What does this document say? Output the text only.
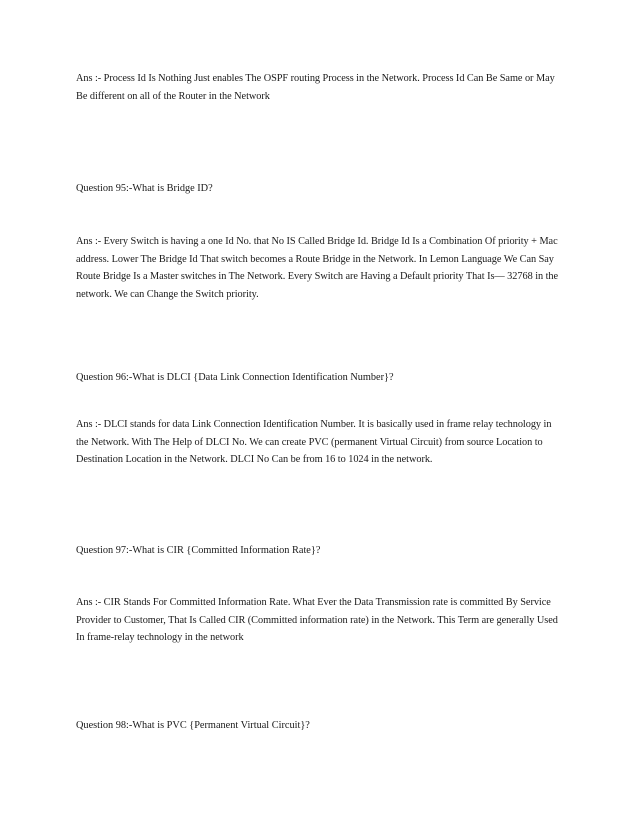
Ans :- Process Id Is Nothing Just enables The OSPF routing Process in the Network. Process Id Can Be Same or May Be different on all of the Router in the Network

Question 95:-What is Bridge ID?

Ans :- Every Switch is having a one Id No. that No IS Called Bridge Id. Bridge Id Is a Combination Of priority + Mac address. Lower The Bridge Id That switch becomes a Route Bridge in the Network. In Lemon Language We Can Say Route Bridge Is a Master switches in The Network. Every Switch are Having a Default priority That Is— 32768 in the network. We can Change the Switch priority.

Question 96:-What is DLCI {Data Link Connection Identification Number}?

Ans :- DLCI stands for data Link Connection Identification Number. It is basically used in frame relay technology in the Network. With The Help of DLCI No. We can create PVC (permanent Virtual Circuit) from source Location to Destination Location in the Network. DLCI No Can be from 16 to 1024 in the network.

Question 97:-What is CIR {Committed Information Rate}?

Ans :- CIR Stands For Committed Information Rate. What Ever the Data Transmission rate is committed By Service Provider to Customer, That Is Called CIR (Committed information rate) in the Network. This Term are generally Used In frame-relay technology in the network

Question 98:-What is PVC {Permanent Virtual Circuit}?
